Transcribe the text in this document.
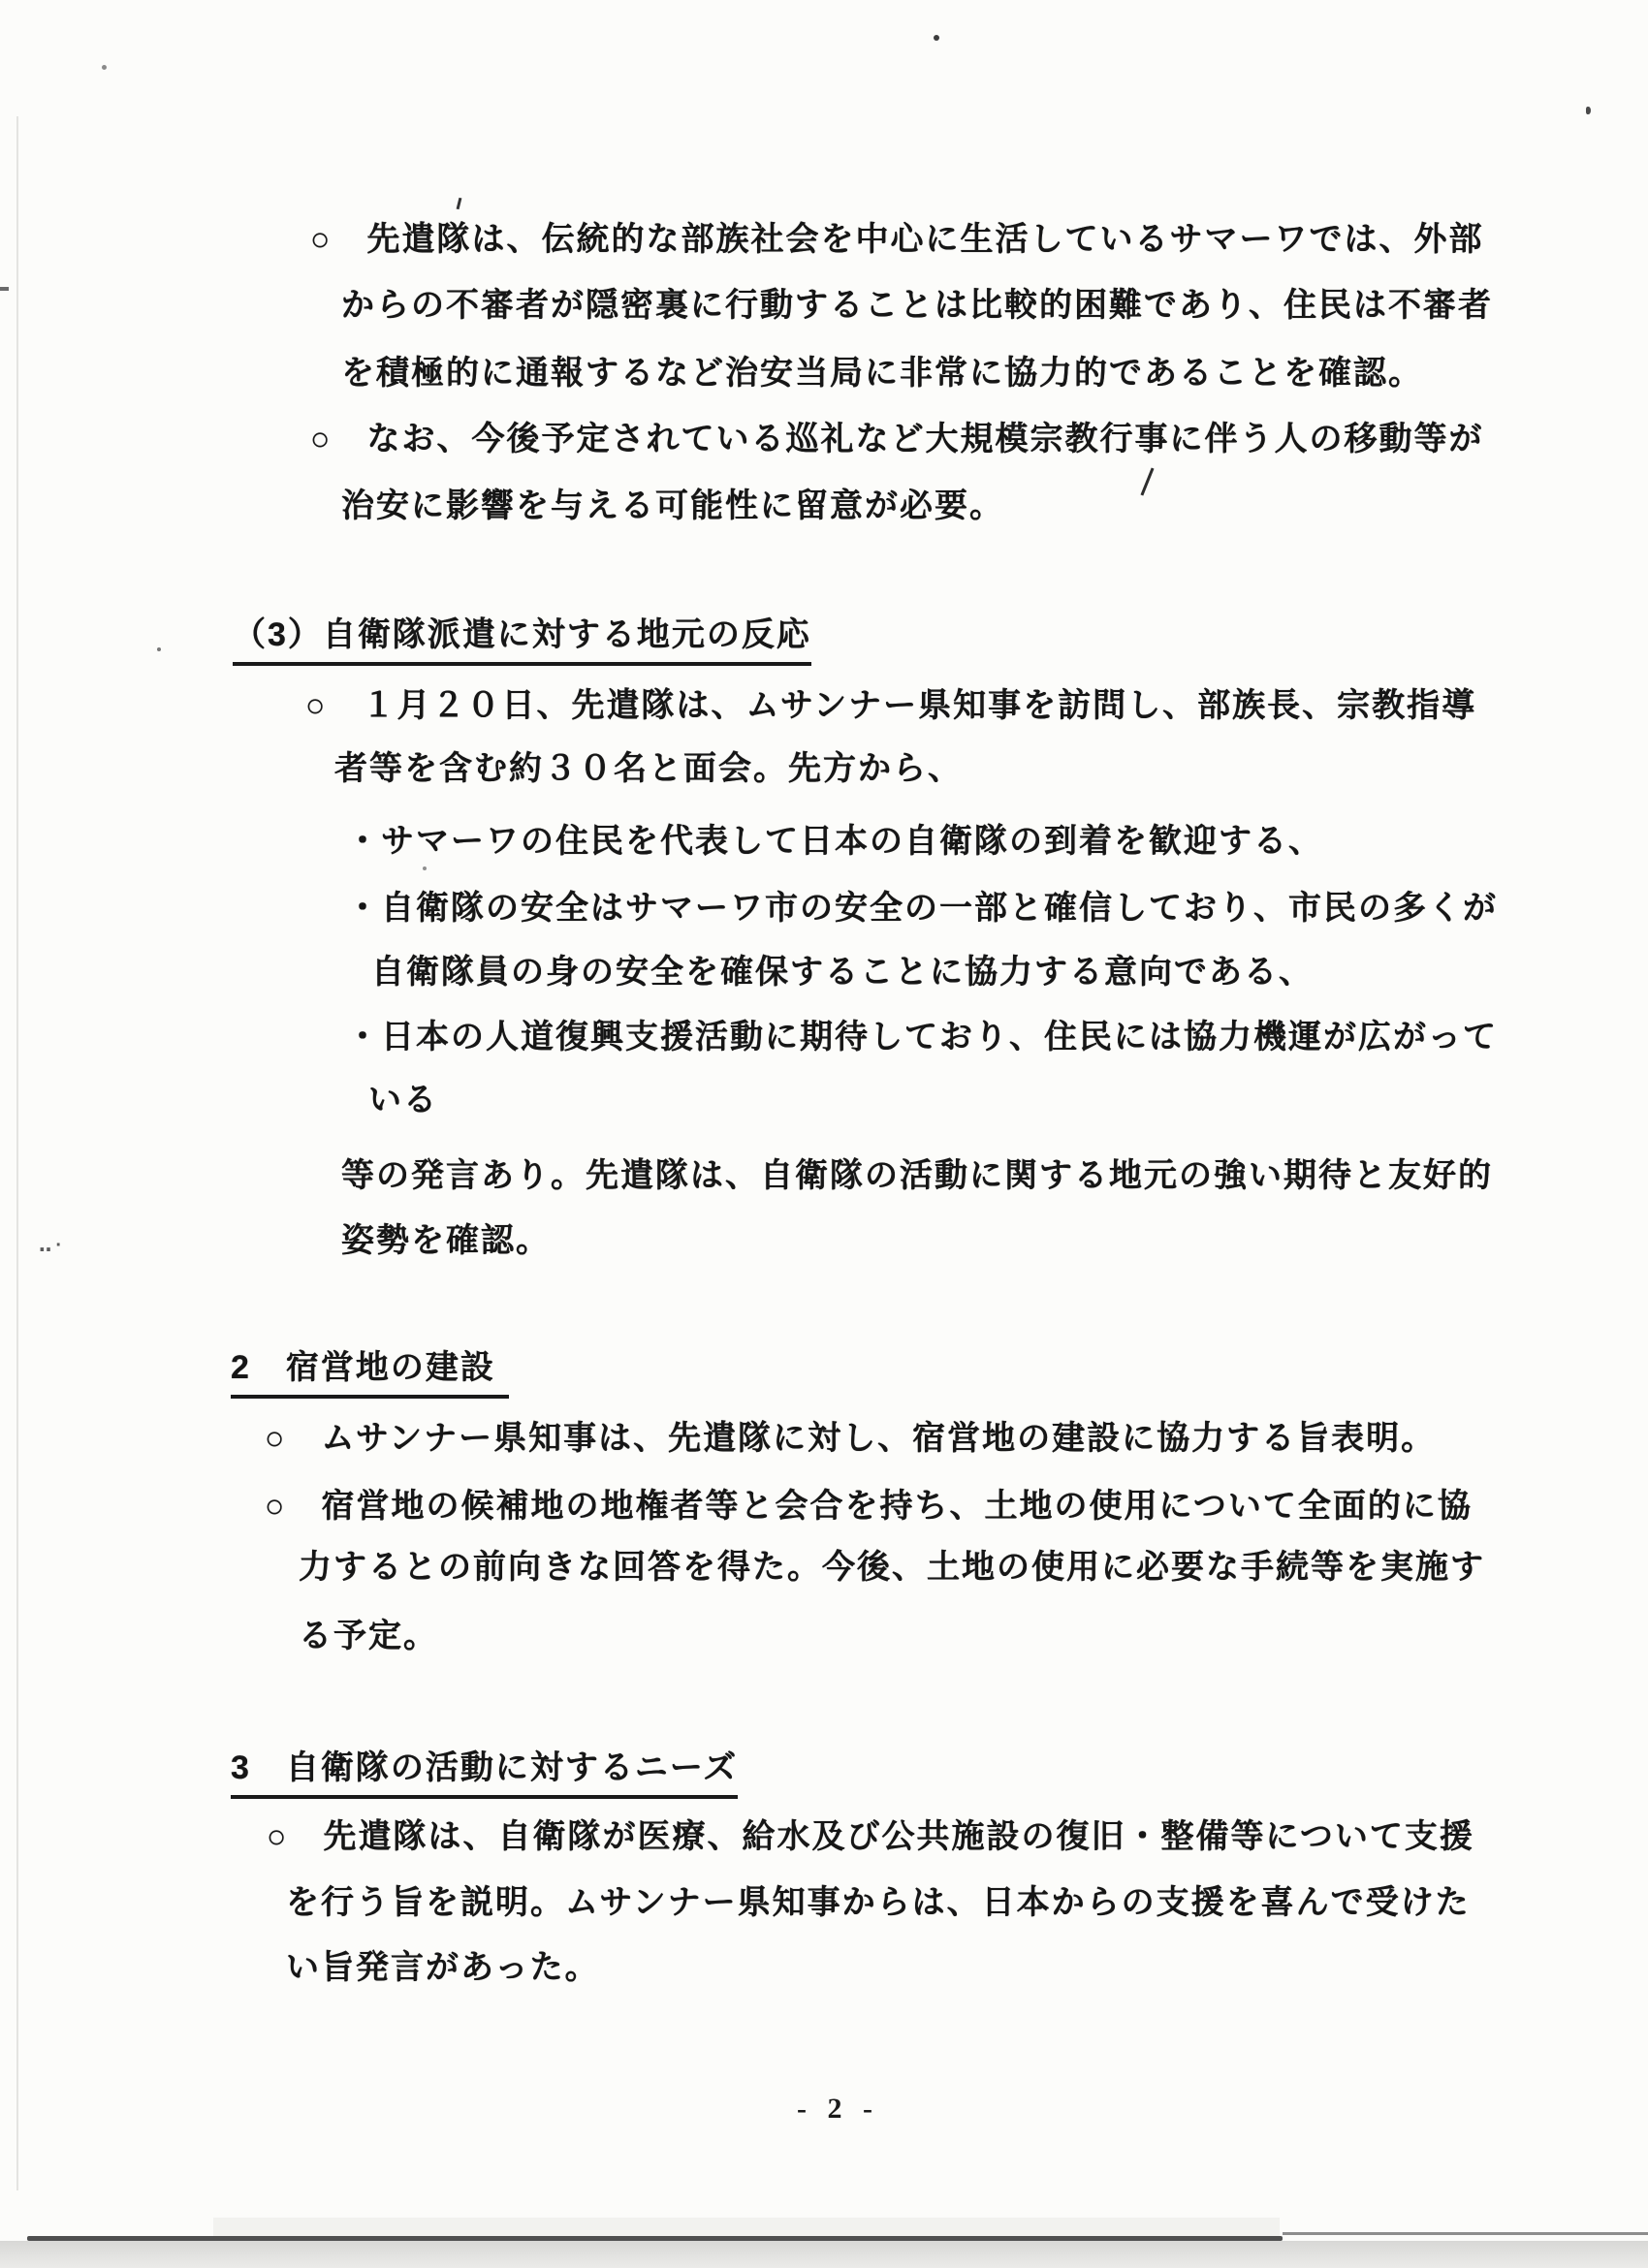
○　先遣隊は、伝統的な部族社会を中心に生活しているサマーワでは、外部
からの不審者が隠密裏に行動することは比較的困難であり、住民は不審者
を積極的に通報するなど治安当局に非常に協力的であることを確認。
○　なお、今後予定されている巡礼など大規模宗教行事に伴う人の移動等が
治安に影響を与える可能性に留意が必要。
（3）自衛隊派遣に対する地元の反応
○　１月２０日、先遣隊は、ムサンナー県知事を訪問し、部族長、宗教指導
者等を含む約３０名と面会。先方から、
・サマーワの住民を代表して日本の自衛隊の到着を歓迎する、
・自衛隊の安全はサマーワ市の安全の一部と確信しており、市民の多くが
自衛隊員の身の安全を確保することに協力する意向である、
・日本の人道復興支援活動に期待しており、住民には協力機運が広がって
いる
等の発言あり。先遣隊は、自衛隊の活動に関する地元の強い期待と友好的
姿勢を確認。
2　宿営地の建設
○　ムサンナー県知事は、先遣隊に対し、宿営地の建設に協力する旨表明。
○　宿営地の候補地の地権者等と会合を持ち、土地の使用について全面的に協
力するとの前向きな回答を得た。今後、土地の使用に必要な手続等を実施す
る予定。
3　自衛隊の活動に対するニーズ
○　先遣隊は、自衛隊が医療、給水及び公共施設の復旧・整備等について支援
を行う旨を説明。ムサンナー県知事からは、日本からの支援を喜んで受けた
い旨発言があった。
- 2 -
‥·
